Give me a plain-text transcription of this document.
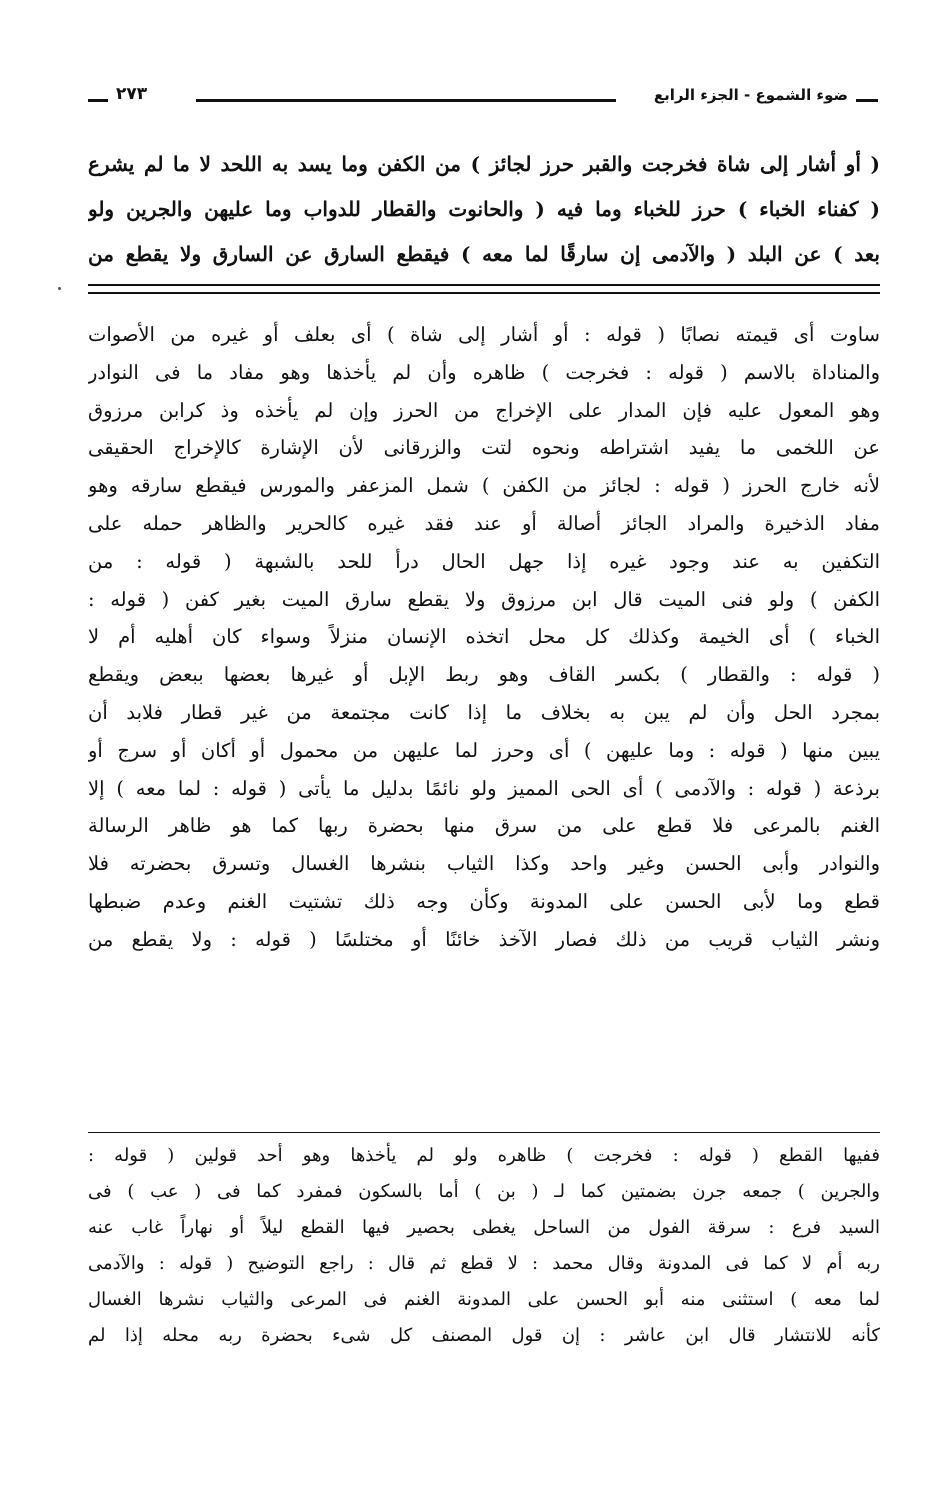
ضوء الشموع - الجزء الرابع
٢٧٣
( أو أشار إلى شاة فخرجت والقبر حرز لجائز ) من الكفن وما يسد به اللحد لا ما لم يشرع
( كفناء الخباء ) حرز للخباء وما فيه ( والحانوت والقطار للدواب وما عليهن والجرين ولو
بعد ) عن البلد ( والآدمى إن سارقًا لما معه ) فيقطع السارق عن السارق ولا يقطع من
ساوت أى قيمته نصابًا ( قوله : أو أشار إلى شاة ) أى بعلف أو غيره من الأصوات
والمناداة بالاسم ( قوله : فخرجت ) ظاهره وأن لم يأخذها وهو مفاد ما فى النوادر
وهو المعول عليه فإن المدار على الإخراج من الحرز وإن لم يأخذه وذ كرابن مرزوق
عن اللخمى ما يفيد اشتراطه ونحوه لتت والزرقانى لأن الإشارة كالإخراج الحقيقى
لأنه خارج الحرز ( قوله : لجائز من الكفن ) شمل المزعفر والمورس فيقطع سارقه وهو
مفاد الذخيرة والمراد الجائز أصالة أو عند فقد غيره كالحرير والظاهر حمله على
التكفين به عند وجود غيره إذا جهل الحال درأ للحد بالشبهة ( قوله : من
الكفن ) ولو فنى الميت قال ابن مرزوق ولا يقطع سارق الميت بغير كفن ( قوله :
الخباء ) أى الخيمة وكذلك كل محل اتخذه الإنسان منزلاً وسواء كان أهليه أم لا
( قوله : والقطار ) بكسر القاف وهو ربط الإبل أو غيرها بعضها ببعض ويقطع
بمجرد الحل وأن لم يبن به بخلاف ما إذا كانت مجتمعة من غير قطار فلابد أن
يبين منها ( قوله : وما عليهن ) أى وحرز لما عليهن من محمول أو أكان أو سرج أو
برذعة ( قوله : والآدمى ) أى الحى المميز ولو نائمًا بدليل ما يأتى ( قوله : لما معه ) إلا
الغنم بالمرعى فلا قطع على من سرق منها بحضرة ربها كما هو ظاهر الرسالة
والنوادر وأبى الحسن وغير واحد وكذا الثياب بنشرها الغسال وتسرق بحضرته فلا
قطع وما لأبى الحسن على المدونة وكأن وجه ذلك تشتيت الغنم وعدم ضبطها
ونشر الثياب قريب من ذلك فصار الآخذ خائنًا أو مختلسًا ( قوله : ولا يقطع من
ففيها القطع ( قوله : فخرجت ) ظاهره ولو لم يأخذها وهو أحد قولين ( قوله :
والجرين ) جمعه جرن بضمتين كما لـ ( بن ) أما بالسكون فمفرد كما فى ( عب ) فى
السيد فرع : سرقة الفول من الساحل يغطى بحصير فيها القطع ليلاً أو نهاراً غاب عنه
ربه أم لا كما فى المدونة وقال محمد : لا قطع ثم قال : راجع التوضيح ( قوله : والآدمى
لما معه ) استثنى منه أبو الحسن على المدونة الغنم فى المرعى والثياب نشرها الغسال
كأنه للانتشار قال ابن عاشر : إن قول المصنف كل شىء بحضرة ربه محله إذا لم
